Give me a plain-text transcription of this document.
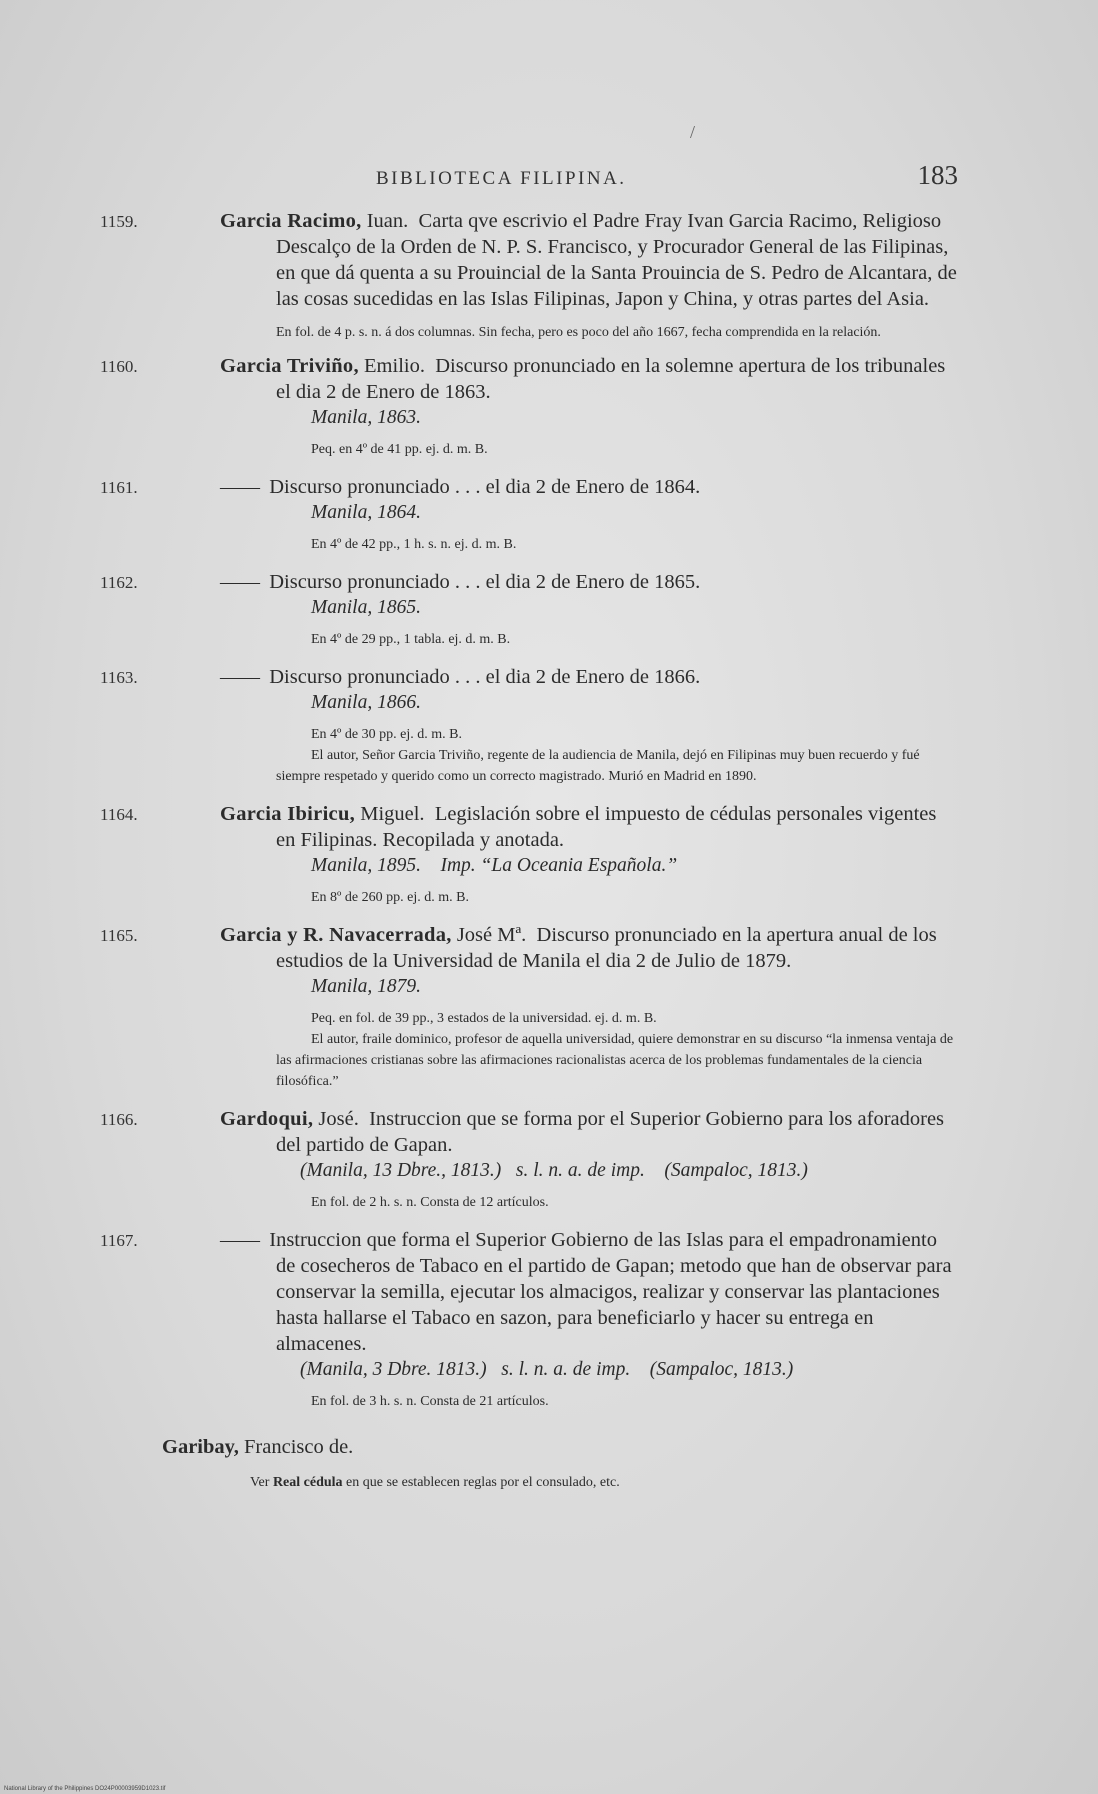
/
BIBLIOTECA FILIPINA.	183
1159.	Garcia Racimo, Iuan. Carta qve escrivio el Padre Fray Ivan Garcia Racimo, Religioso Descalço de la Orden de N. P. S. Francisco, y Procurador General de las Filipinas, en que dá quenta a su Prouincial de la Santa Prouincia de S. Pedro de Alcantara, de las cosas sucedidas en las Islas Filipinas, Japon y China, y otras partes del Asia.
En fol. de 4 p. s. n. á dos columnas. Sin fecha, pero es poco del año 1667, fecha comprendida en la relación.
1160.	Garcia Triviño, Emilio. Discurso pronunciado en la solemne apertura de los tribunales el dia 2 de Enero de 1863.
Manila, 1863.
Peq. en 4º de 41 pp. ej. d. m. B.
1161.	—— Discurso pronunciado . . . el dia 2 de Enero de 1864.
Manila, 1864.
En 4º de 42 pp., 1 h. s. n. ej. d. m. B.
1162.	—— Discurso pronunciado . . . el dia 2 de Enero de 1865.
Manila, 1865.
En 4º de 29 pp., 1 tabla. ej. d. m. B.
1163.	—— Discurso pronunciado . . . el dia 2 de Enero de 1866.
Manila, 1866.
En 4º de 30 pp. ej. d. m. B.
El autor, Señor Garcia Triviño, regente de la audiencia de Manila, dejó en Filipinas muy buen recuerdo y fué siempre respetado y querido como un correcto magistrado. Murió en Madrid en 1890.
1164.	Garcia Ibiricu, Miguel. Legislación sobre el impuesto de cédulas personales vigentes en Filipinas. Recopilada y anotada.
Manila, 1895. Imp. “La Oceania Española.”
En 8º de 260 pp. ej. d. m. B.
1165.	Garcia y R. Navacerrada, José Mª. Discurso pronunciado en la apertura anual de los estudios de la Universidad de Manila el dia 2 de Julio de 1879.
Manila, 1879.
Peq. en fol. de 39 pp., 3 estados de la universidad. ej. d. m. B.
El autor, fraile dominico, profesor de aquella universidad, quiere demonstrar en su discurso “la inmensa ventaja de las afirmaciones cristianas sobre las afirmaciones racionalistas acerca de los problemas fundamentales de la ciencia filosófica.”
1166.	Gardoqui, José. Instruccion que se forma por el Superior Gobierno para los aforadores del partido de Gapan.
(Manila, 13 Dbre., 1813.) s. l. n. a. de imp. (Sampaloc, 1813.)
En fol. de 2 h. s. n. Consta de 12 artículos.
1167.	—— Instruccion que forma el Superior Gobierno de las Islas para el empadronamiento de cosecheros de Tabaco en el partido de Gapan; metodo que han de observar para conservar la semilla, ejecutar los almacigos, realizar y conservar las plantaciones hasta hallarse el Tabaco en sazon, para beneficiarlo y hacer su entrega en almacenes.
(Manila, 3 Dbre. 1813.) s. l. n. a. de imp. (Sampaloc, 1813.)
En fol. de 3 h. s. n. Consta de 21 artículos.
Garibay, Francisco de.
Ver Real cédula en que se establecen reglas por el consulado, etc.
National Library of the Philippines DO24P00003959D1023.tif
